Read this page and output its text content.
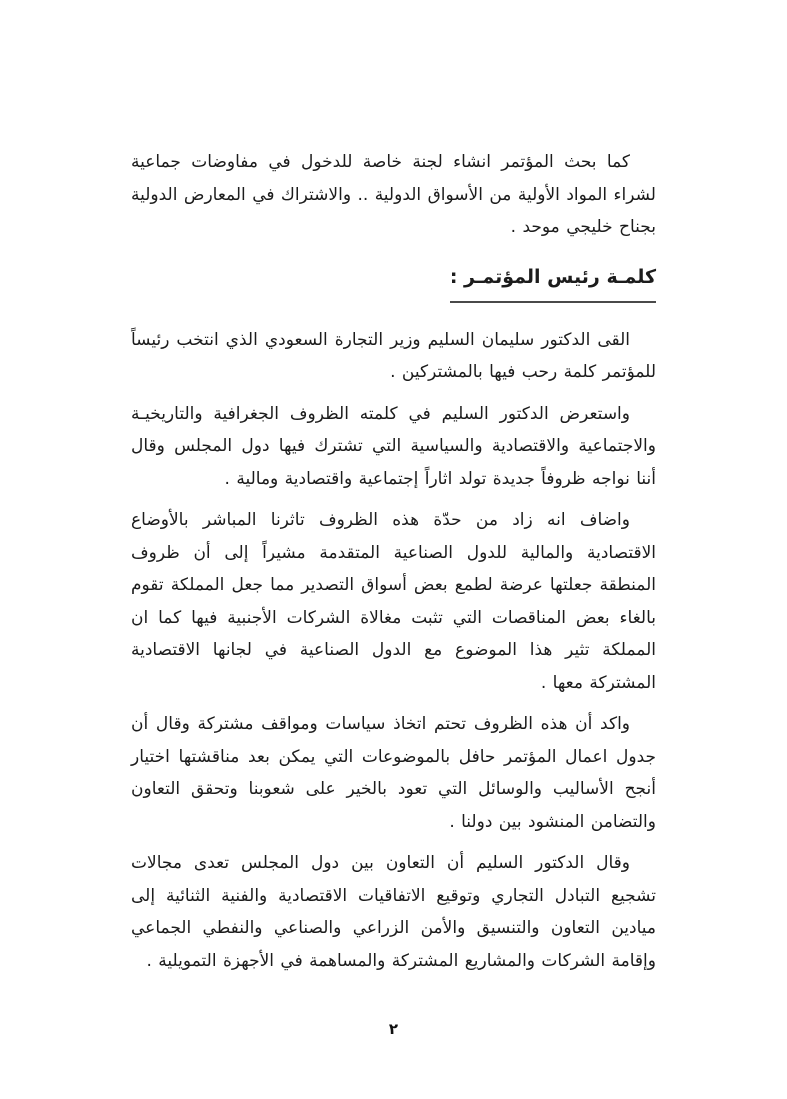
كما بحث المؤتمر انشاء لجنة خاصة للدخول في مفاوضات جماعية لشراء المواد الأولية من الأسواق الدولية .. والاشتراك في المعارض الدولية بجناح خليجي موحد .

كلمـة رئيس المؤتمـر :

القى الدكتور سليمان السليم وزير التجارة السعودي الذي انتخب رئيساً للمؤتمر كلمة رحب فيها بالمشتركين .

واستعرض الدكتور السليم في كلمته الظروف الجغرافية والتاريخيـة والاجتماعية والاقتصادية والسياسية التي تشترك فيها دول المجلس وقال أننا نواجه ظروفاً جديدة تولد اثاراً إجتماعية واقتصادية ومالية .

واضاف انه زاد من حدّة هذه الظروف تاثرنا المباشر بالأوضاع الاقتصادية والمالية للدول الصناعية المتقدمة مشيراً إلى أن ظروف المنطقة جعلتها عرضة لطمع بعض أسواق التصدير مما جعل المملكة تقوم بالغاء بعض المناقصات التي تثبت مغالاة الشركات الأجنبية فيها كما ان المملكة تثير هذا الموضوع مع الدول الصناعية في لجانها الاقتصادية المشتركة معها .

واكد أن هذه الظروف تحتم اتخاذ سياسات ومواقف مشتركة وقال أن جدول اعمال المؤتمر حافل بالموضوعات التي يمكن بعد مناقشتها اختيار أنجح الأساليب والوسائل التي تعود بالخير على شعوبنا وتحقق التعاون والتضامن المنشود بين دولنا .

وقال الدكتور السليم أن التعاون بين دول المجلس تعدى مجالات تشجيع التبادل التجاري وتوقيع الاتفاقيات الاقتصادية والفنية الثنائية إلى ميادين التعاون والتنسيق والأمن الزراعي والصناعي والنفطي الجماعي وإقامة الشركات والمشاريع المشتركة والمساهمة في الأجهزة التمويلية .

٢
